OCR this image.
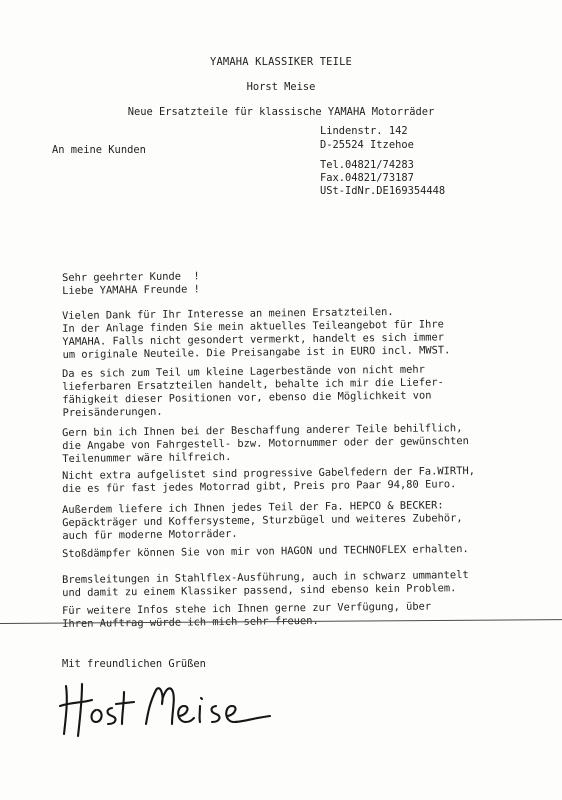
YAMAHA KLASSIKER TEILE
Horst Meise
Neue Ersatzteile für klassische YAMAHA Motorräder
Lindenstr. 142
D-25524 Itzehoe
An meine Kunden
Tel.04821/74283
Fax.04821/73187
USt-IdNr.DE169354448
Sehr geehrter Kunde  !
Liebe YAMAHA Freunde !
Vielen Dank für Ihr Interesse an meinen Ersatzteilen.
In der Anlage finden Sie mein aktuelles Teileangebot für Ihre
YAMAHA. Falls nicht gesondert vermerkt, handelt es sich immer
um originale Neuteile. Die Preisangabe ist in EURO incl. MWST.
Da es sich zum Teil um kleine Lagerbestände von nicht mehr
lieferbaren Ersatzteilen handelt, behalte ich mir die Liefer-
fähigkeit dieser Positionen vor, ebenso die Möglichkeit von
Preisänderungen.
Gern bin ich Ihnen bei der Beschaffung anderer Teile behilflich,
die Angabe von Fahrgestell- bzw. Motornummer oder der gewünschten
Teilenummer wäre hilfreich.
Nicht extra aufgelistet sind progressive Gabelfedern der Fa.WIRTH,
die es für fast jedes Motorrad gibt, Preis pro Paar 94,80 Euro.
Außerdem liefere ich Ihnen jedes Teil der Fa. HEPCO & BECKER:
Gepäckträger und Koffersysteme, Sturzbügel und weiteres Zubehör,
auch für moderne Motorräder.
Stoßdämpfer können Sie von mir von HAGON und TECHNOFLEX erhalten.
Bremsleitungen in Stahlflex-Ausführung, auch in schwarz ummantelt
und damit zu einem Klassiker passend, sind ebenso kein Problem.
Für weitere Infos stehe ich Ihnen gerne zur Verfügung, über
Ihren Auftrag würde ich mich sehr freuen.
Mit freundlichen Grüßen
